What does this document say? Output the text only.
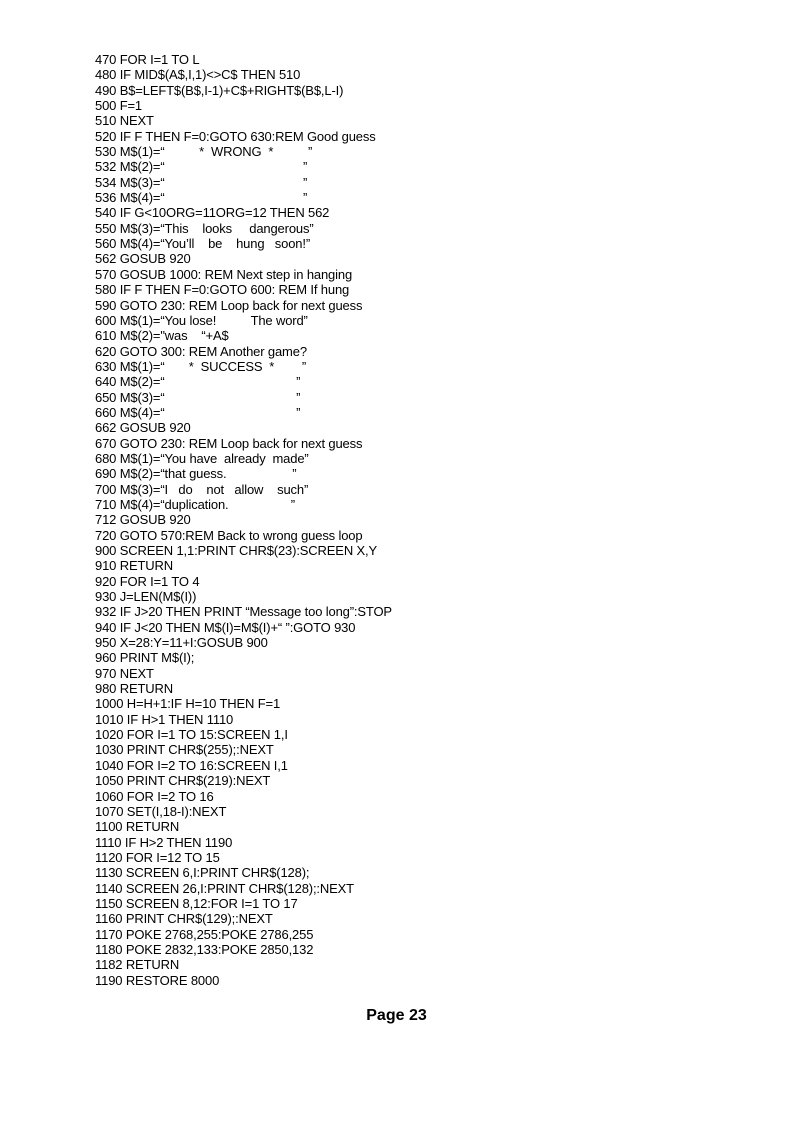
470 FOR I=1 TO L
480 IF MID$(A$,I,1)<>C$ THEN 510
490 B$=LEFT$(B$,I-1)+C$+RIGHT$(B$,L-I)
500 F=1
510 NEXT
520 IF F THEN F=0:GOTO 630:REM Good guess
530 M$(1)=“          *  WRONG  *          ”
532 M$(2)=“                                        ”
534 M$(3)=“                                        ”
536 M$(4)=“                                        ”
540 IF G<10ORG=11ORG=12 THEN 562
550 M$(3)=“This    looks     dangerous”
560 M$(4)=“You’ll    be    hung   soon!”
562 GOSUB 920
570 GOSUB 1000: REM Next step in hanging
580 IF F THEN F=0:GOTO 600: REM If hung
590 GOTO 230: REM Loop back for next guess
600 M$(1)=“You lose!          The word”
610 M$(2)="was    “+A$
620 GOTO 300: REM Another game?
630 M$(1)=“       *  SUCCESS  *        ”
640 M$(2)=“                                      ”
650 M$(3)=“                                      ”
660 M$(4)=“                                      ”
662 GOSUB 920
670 GOTO 230: REM Loop back for next guess
680 M$(1)=“You have  already  made”
690 M$(2)=“that guess.                   ”
700 M$(3)=“I   do    not   allow    such”
710 M$(4)=“duplication.                  ”
712 GOSUB 920
720 GOTO 570:REM Back to wrong guess loop
900 SCREEN 1,1:PRINT CHR$(23):SCREEN X,Y
910 RETURN
920 FOR I=1 TO 4
930 J=LEN(M$(I))
932 IF J>20 THEN PRINT “Message too long”:STOP
940 IF J<20 THEN M$(I)=M$(I)+“ ”:GOTO 930
950 X=28:Y=11+I:GOSUB 900
960 PRINT M$(I);
970 NEXT
980 RETURN
1000 H=H+1:IF H=10 THEN F=1
1010 IF H>1 THEN 1110
1020 FOR I=1 TO 15:SCREEN 1,I
1030 PRINT CHR$(255);:NEXT
1040 FOR I=2 TO 16:SCREEN I,1
1050 PRINT CHR$(219):NEXT
1060 FOR I=2 TO 16
1070 SET(I,18-I):NEXT
1100 RETURN
1110 IF H>2 THEN 1190
1120 FOR I=12 TO 15
1130 SCREEN 6,I:PRINT CHR$(128);
1140 SCREEN 26,I:PRINT CHR$(128);:NEXT
1150 SCREEN 8,12:FOR I=1 TO 17
1160 PRINT CHR$(129);:NEXT
1170 POKE 2768,255:POKE 2786,255
1180 POKE 2832,133:POKE 2850,132
1182 RETURN
1190 RESTORE 8000
Page 23
